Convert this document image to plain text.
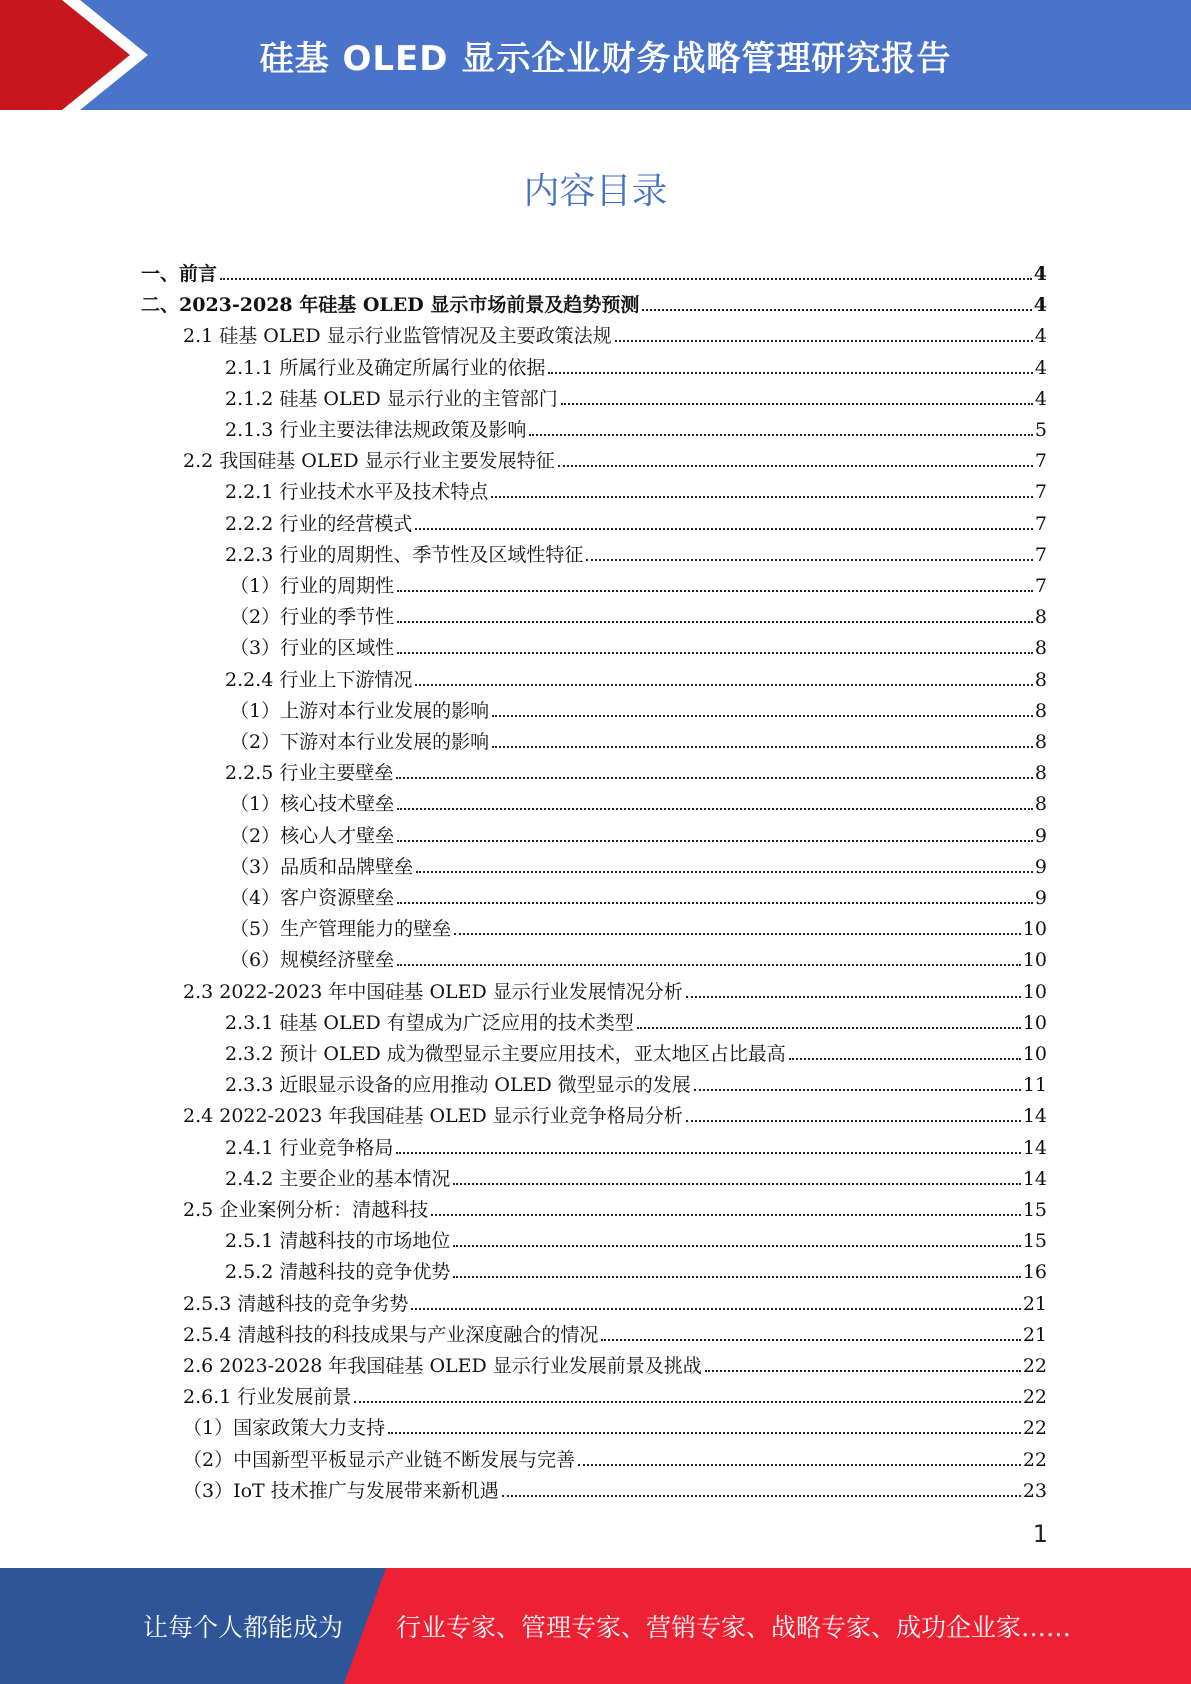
硅基 OLED 显示企业财务战略管理研究报告
内容目录
一、前言	4
二、2023-2028 年硅基 OLED 显示市场前景及趋势预测	4
2.1 硅基 OLED 显示行业监管情况及主要政策法规	4
2.1.1 所属行业及确定所属行业的依据	4
2.1.2 硅基 OLED 显示行业的主管部门	4
2.1.3 行业主要法律法规政策及影响	5
2.2 我国硅基 OLED 显示行业主要发展特征	7
2.2.1 行业技术水平及技术特点	7
2.2.2 行业的经营模式	7
2.2.3 行业的周期性、季节性及区域性特征	7
（1）行业的周期性	7
（2）行业的季节性	8
（3）行业的区域性	8
2.2.4 行业上下游情况	8
（1）上游对本行业发展的影响	8
（2）下游对本行业发展的影响	8
2.2.5 行业主要壁垒	8
（1）核心技术壁垒	8
（2）核心人才壁垒	9
（3）品质和品牌壁垒	9
（4）客户资源壁垒	9
（5）生产管理能力的壁垒	10
（6）规模经济壁垒	10
2.3 2022-2023 年中国硅基 OLED 显示行业发展情况分析	10
2.3.1 硅基 OLED 有望成为广泛应用的技术类型	10
2.3.2 预计 OLED 成为微型显示主要应用技术，亚太地区占比最高	10
2.3.3 近眼显示设备的应用推动 OLED 微型显示的发展	11
2.4 2022-2023 年我国硅基 OLED 显示行业竞争格局分析	14
2.4.1 行业竞争格局	14
2.4.2 主要企业的基本情况	14
2.5 企业案例分析：清越科技	15
2.5.1 清越科技的市场地位	15
2.5.2 清越科技的竞争优势	16
2.5.3 清越科技的竞争劣势	21
2.5.4 清越科技的科技成果与产业深度融合的情况	21
2.6 2023-2028 年我国硅基 OLED 显示行业发展前景及挑战	22
2.6.1 行业发展前景	22
（1）国家政策大力支持	22
（2）中国新型平板显示产业链不断发展与完善	22
（3）IoT 技术推广与发展带来新机遇	23
1
让每个人都能成为 行业专家、管理专家、营销专家、战略专家、成功企业家……
